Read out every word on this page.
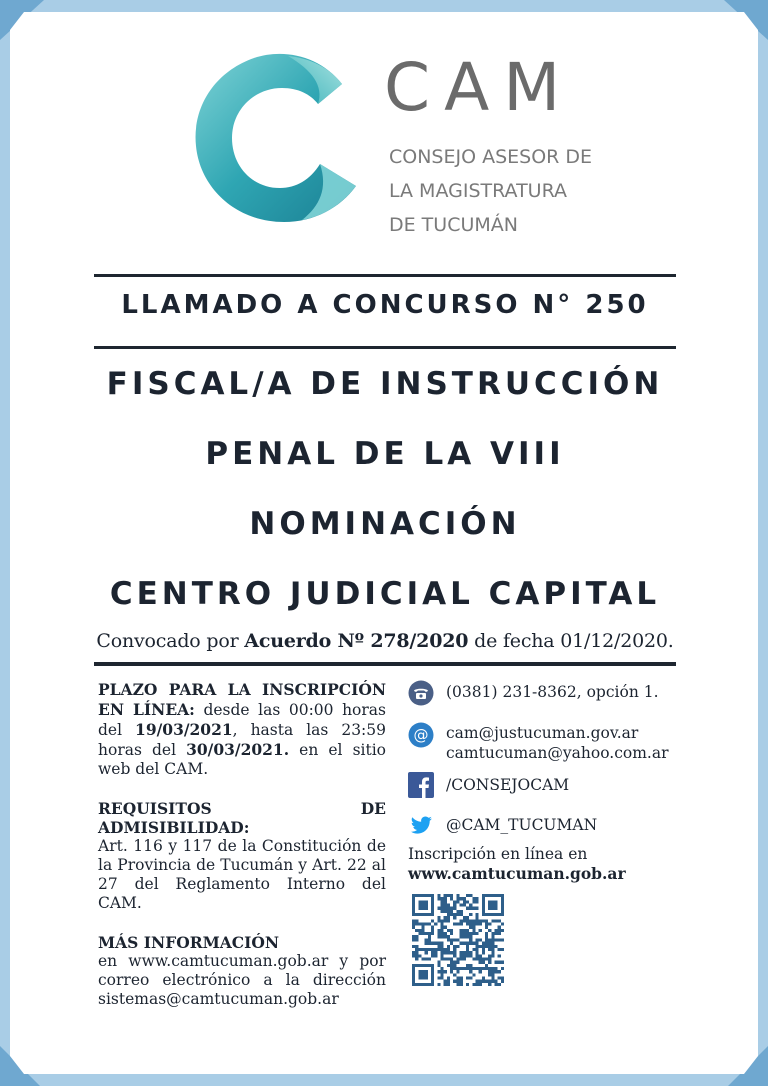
CAM
CONSEJO ASESOR DE
LA MAGISTRATURA
DE TUCUMÁN
LLAMADO A CONCURSO N° 250
FISCAL/A DE INSTRUCCIÓN
PENAL DE LA VIII
NOMINACIÓN
CENTRO JUDICIAL CAPITAL
Convocado por Acuerdo Nº 278/2020 de fecha 01/12/2020.
PLAZO PARA LA INSCRIPCIÓN EN LÍNEA: desde las 00:00 horas del 19/03/2021, hasta las 23:59 horas del 30/03/2021. en el sitio web del CAM.
REQUISITOS DE ADMISIBILIDAD:
Art. 116 y 117 de la Constitución de la Provincia de Tucumán y Art. 22 al 27 del Reglamento Interno del CAM.
MÁS INFORMACIÓN
en www.camtucuman.gob.ar y por correo electrónico a la dirección sistemas@camtucuman.gob.ar
(0381) 231-8362, opción 1.
@ cam@justucuman.gov.ar
camtucuman@yahoo.com.ar
/CONSEJOCAM
@CAM_TUCUMAN
Inscripción en línea en
www.camtucuman.gob.ar
